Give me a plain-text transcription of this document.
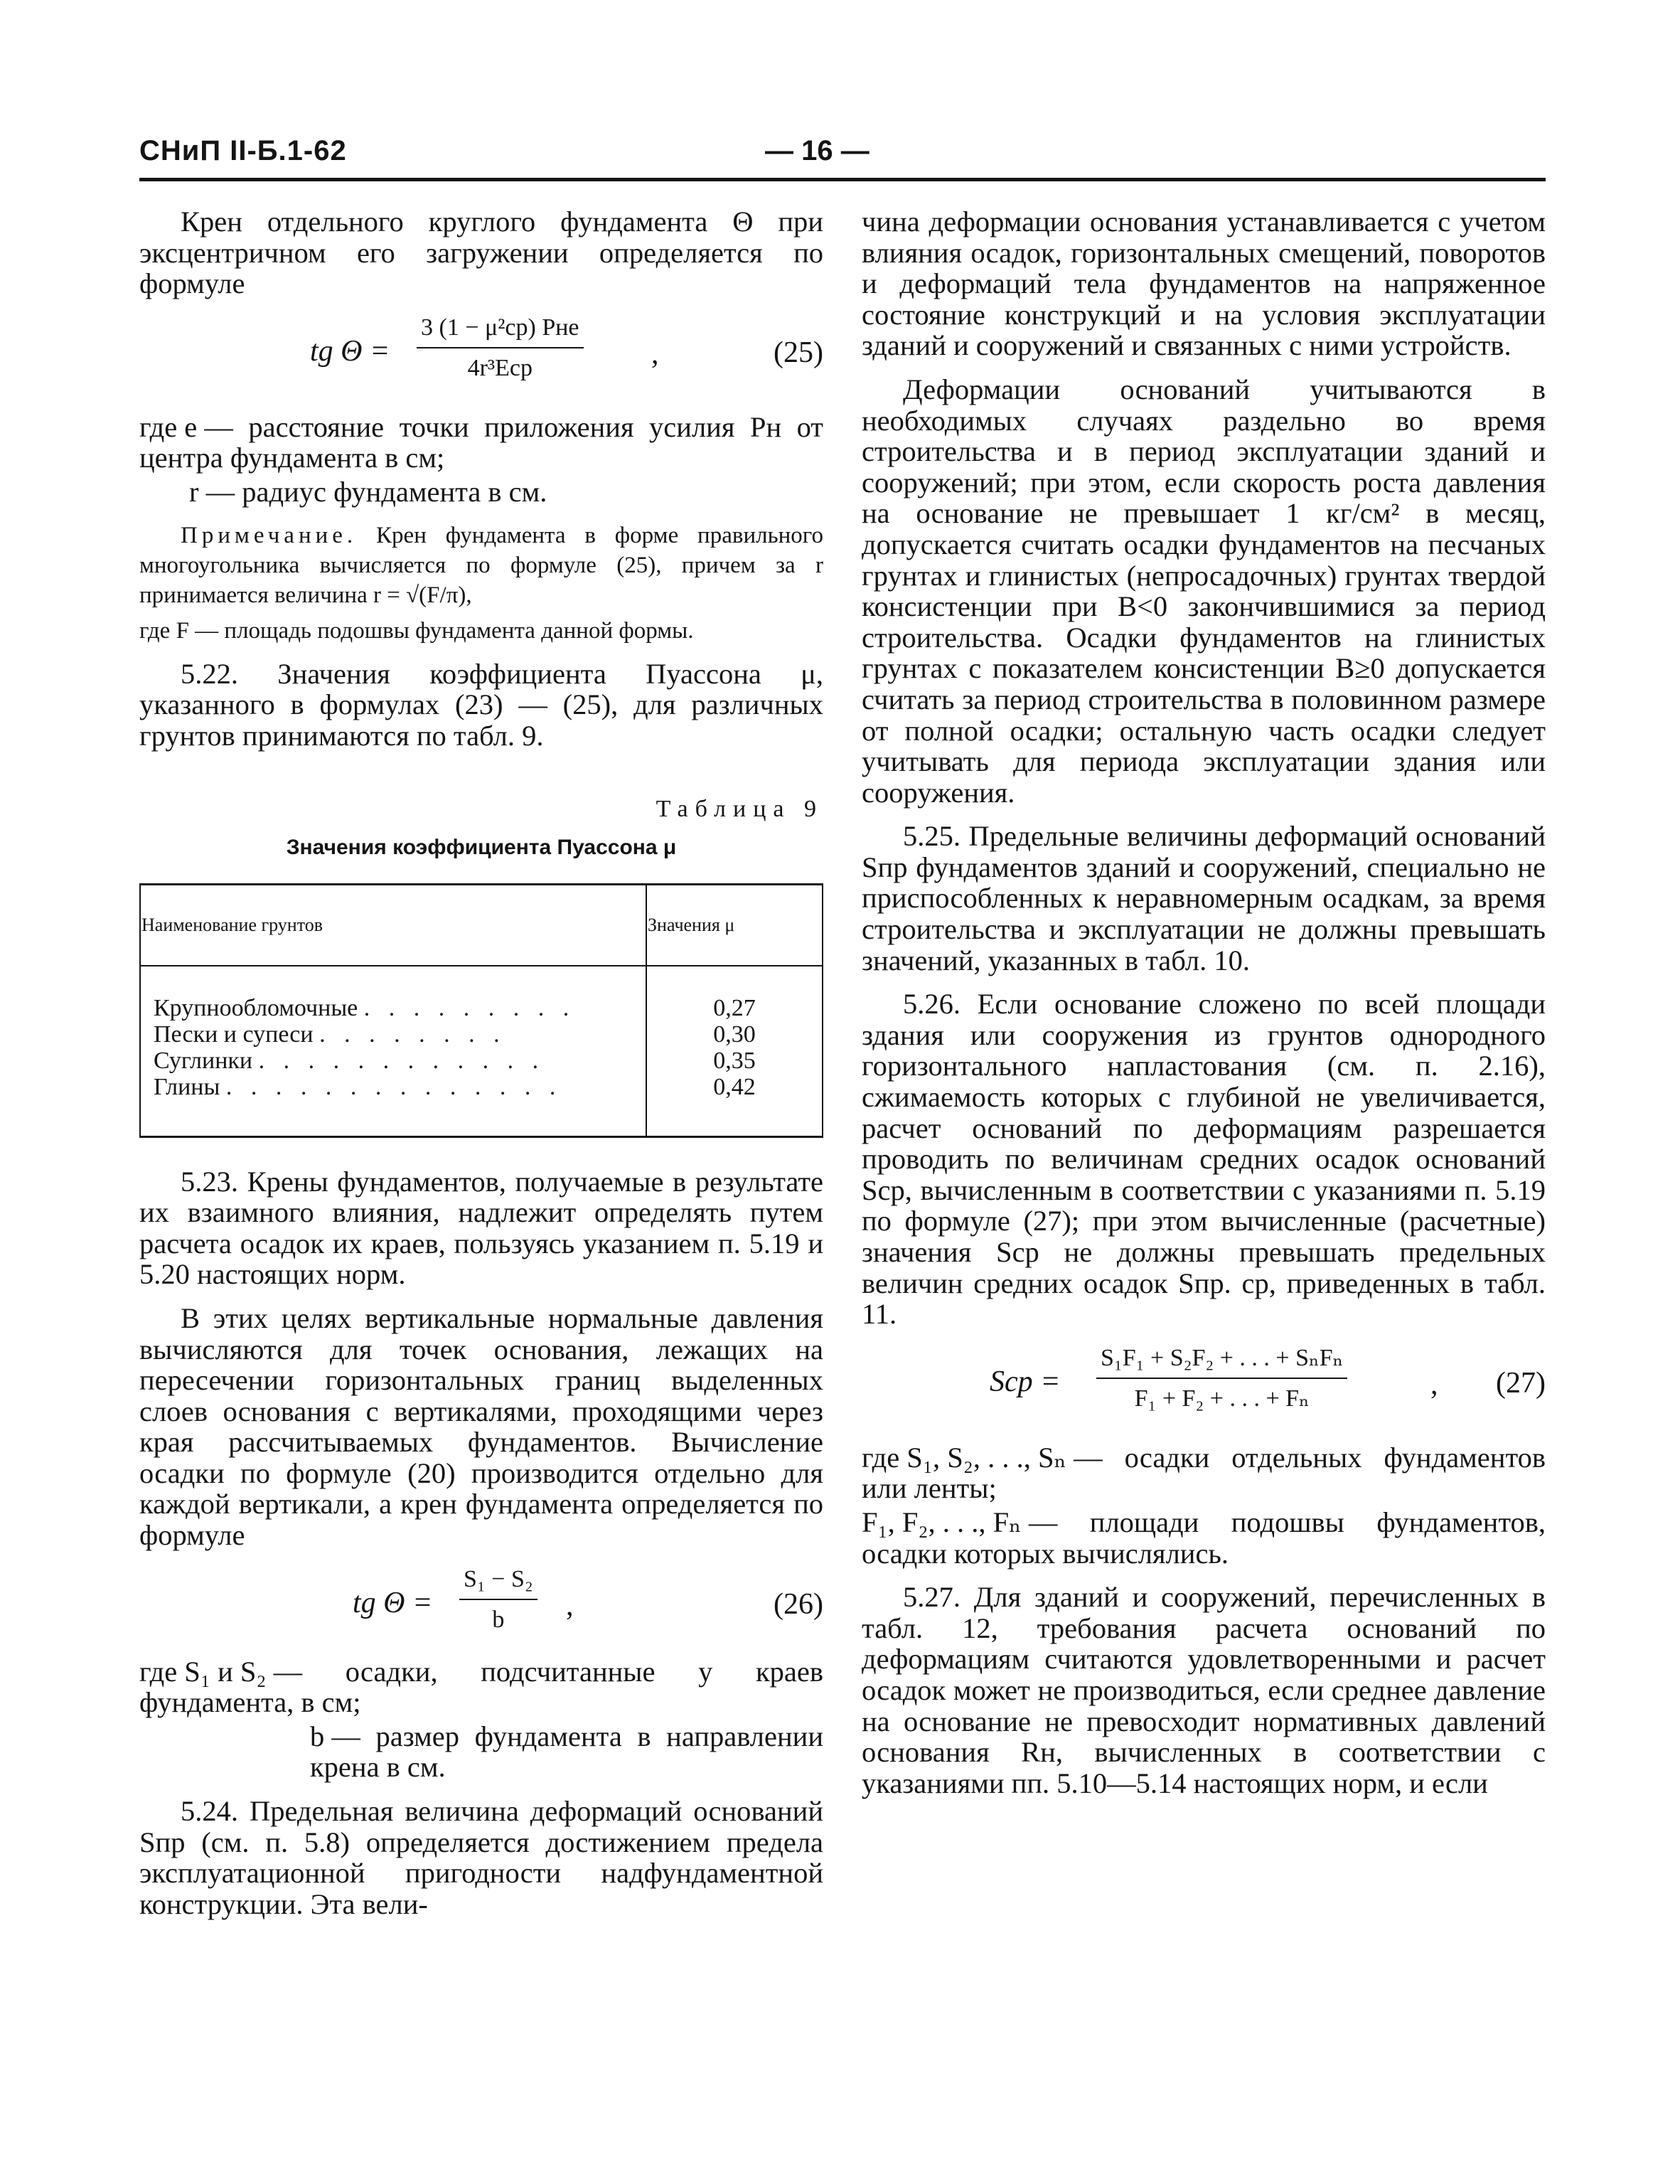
СНиП II-Б.1-62	— 16 —

Крен отдельного круглого фундамента Θ при эксцентричном его загружении определяется по формуле

tg Θ =
3 (1 − μ²ср) Pнe
4r³Eср	,	(25)
где e — расстояние точки приложения усилия Pн от центра фундамента в см;
r — радиус фундамента в см.

Примечание. Крен фундамента в форме правильного многоугольника вычисляется по формуле (25), причем за r принимается величина r = √(F/π),

где F — площадь подошвы фундамента данной формы.

5.22. Значения коэффициента Пуассона μ, указанного в формулах (23) — (25), для различных грунтов принимаются по табл. 9.

Таблица 9
Значения коэффициента Пуассона μ
Наименование грунтов	Значения μ
Крупнообломочные . . . . . . . . .	0,27
Пески и супеси . . . . . . . .	0,30
Суглинки . . . . . . . . . . . .	0,35
Глины . . . . . . . . . . . . . .	0,42

5.23. Крены фундаментов, получаемые в результате их взаимного влияния, надлежит определять путем расчета осадок их краев, пользуясь указанием п. 5.19 и 5.20 настоящих норм.

В этих целях вертикальные нормальные давления вычисляются для точек основания, лежащих на пересечении горизонтальных границ выделенных слоев основания с вертикалями, проходящими через края рассчитываемых фундаментов. Вычисление осадки по формуле (20) производится отдельно для каждой вертикали, а крен фундамента определяется по формуле

tg $\Theta = \frac{\text{S₁ − S₂}}{b}$ ,	(26)
где S₁ и S₂ — осадки, подсчитанные у краев фундамента, в см;
b — размер фундамента в направлении крена в см.

5.24. Предельная величина деформаций оснований Sпр (см. п. 5.8) определяется достижением предела эксплуатационной пригодности надфундаментной конструкции. Эта вели-

чина деформации основания устанавливается с учетом влияния осадок, горизонтальных смещений, поворотов и деформаций тела фундаментов на напряженное состояние конструкций и на условия эксплуатации зданий и сооружений и связанных с ними устройств.

Деформации оснований учитываются в необходимых случаях раздельно во время строительства и в период эксплуатации зданий и сооружений; при этом, если скорость роста давления на основание не превышает 1 кг/см² в месяц, допускается считать осадки фундаментов на песчаных грунтах и глинистых (непросадочных) грунтах твердой консистенции при B<0 закончившимися за период строительства. Осадки фундаментов на глинистых грунтах с показателем консистенции B≥0 допускается считать за период строительства в половинном размере от полной осадки; остальную часть осадки следует учитывать для периода эксплуатации здания или сооружения.

5.25. Предельные величины деформаций оснований Sпр фундаментов зданий и сооружений, специально не приспособленных к неравномерным осадкам, за время строительства и эксплуатации не должны превышать значений, указанных в табл. 10.

5.26. Если основание сложено по всей площади здания или сооружения из грунтов однородного горизонтального напластования (см. п. 2.16), сжимаемость которых с глубиной не увеличивается, расчет оснований по деформациям разрешается проводить по величинам средних осадок оснований Sср, вычисленным в соответствии с указаниями п. 5.19 по формуле (27); при этом вычисленные (расчетные) значения Sср не должны превышать предельных величин средних осадок Sпр. ср, приведенных в табл. 11.

Sср =
S₁F₁ + S₂F₂ + . . . + SₙFₙ
F₁ + F₂ + . . . + Fₙ	, (27)
где S₁, S₂, . . ., Sₙ — осадки отдельных фундаментов или ленты;
F₁, F₂, . . ., Fₙ — площади подошвы фундаментов, осадки которых вычислялись.

5.27. Для зданий и сооружений, перечисленных в табл. 12, требования расчета оснований по деформациям считаются удовлетворенными и расчет осадок может не производиться, если среднее давление на основание не превосходит нормативных давлений основания Rн, вычисленных в соответствии с указаниями пп. 5.10—5.14 настоящих норм, и если
